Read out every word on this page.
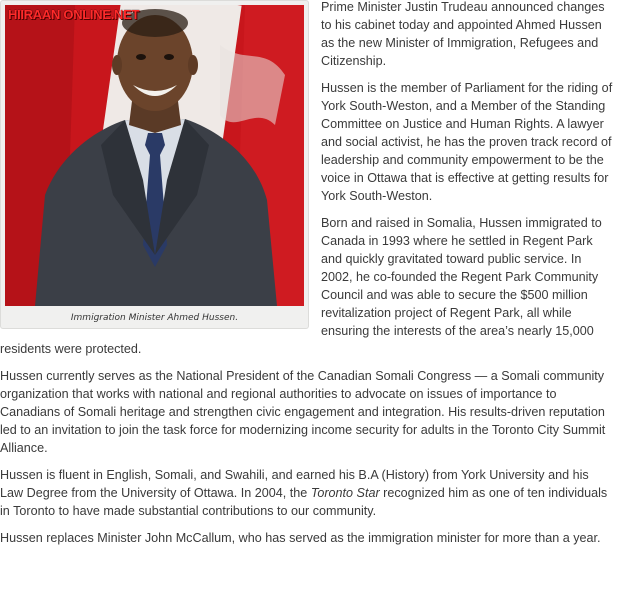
HIIRAAN ONLINE.NET
Immigration Minister Ahmed Hussen.

Prime Minister Justin Trudeau announced changes to his cabinet today and appointed Ahmed Hussen as the new Minister of Immigration, Refugees and Citizenship.

Hussen is the member of Parliament for the riding of York South-Weston, and a Member of the Standing Committee on Justice and Human Rights. A lawyer and social activist, he has the proven track record of leadership and community empowerment to be the voice in Ottawa that is effective at getting results for York South-Weston.

Born and raised in Somalia, Hussen immigrated to Canada in 1993 where he settled in Regent Park and quickly gravitated toward public service. In 2002, he co-founded the Regent Park Community Council and was able to secure the $500 million revitalization project of Regent Park, all while ensuring the interests of the area’s nearly 15,000 residents were protected.

Hussen currently serves as the National President of the Canadian Somali Congress — a Somali community organization that works with national and regional authorities to advocate on issues of importance to Canadians of Somali heritage and strengthen civic engagement and integration. His results-driven reputation led to an invitation to join the task force for modernizing income security for adults in the Toronto City Summit Alliance.

Hussen is fluent in English, Somali, and Swahili, and earned his B.A (History) from York University and his Law Degree from the University of Ottawa. In 2004, the Toronto Star recognized him as one of ten individuals in Toronto to have made substantial contributions to our community.

Hussen replaces Minister John McCallum, who has served as the immigration minister for more than a year.
